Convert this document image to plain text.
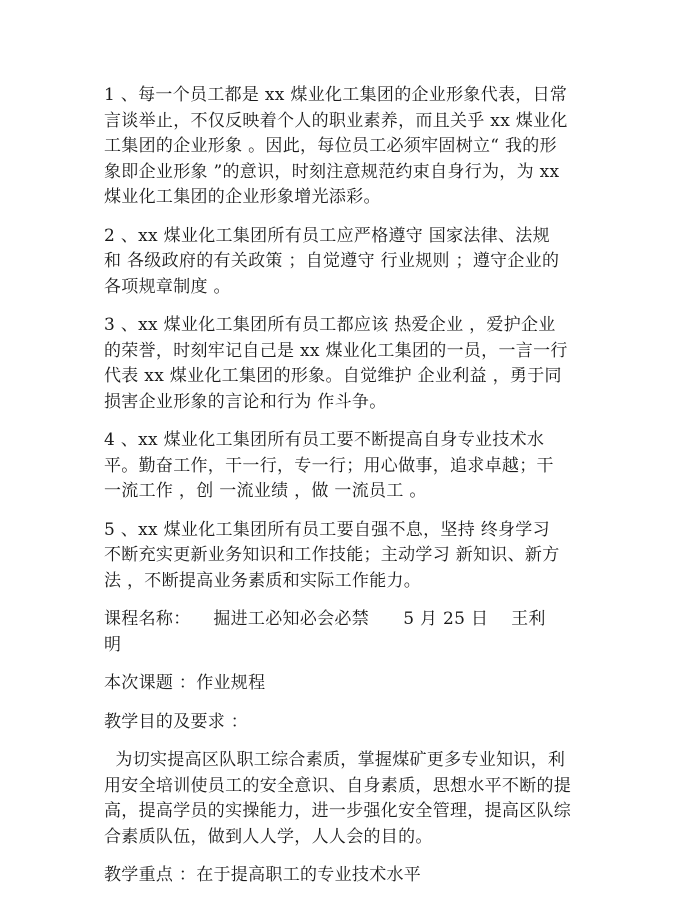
1 、每一个员工都是 xx 煤业化工集团的企业形象代表，日常
言谈举止，不仅反映着个人的职业素养，而且关乎 xx 煤业化
工集团的企业形象 。因此，每位员工必须牢固树立“ 我的形
象即企业形象 ”的意识，时刻注意规范约束自身行为，为 xx
煤业化工集团的企业形象增光添彩。

2 、xx 煤业化工集团所有员工应严格遵守 国家法律、法规
和 各级政府的有关政策 ；自觉遵守 行业规则 ；遵守企业的
各项规章制度 。

3 、xx 煤业化工集团所有员工都应该 热爱企业 ，爱护企业
的荣誉，时刻牢记自己是 xx 煤业化工集团的一员，一言一行
代表 xx 煤业化工集团的形象。自觉维护 企业利益 ，勇于同
损害企业形象的言论和行为 作斗争。

4 、xx 煤业化工集团所有员工要不断提高自身专业技术水
平。勤奋工作，干一行，专一行；用心做事，追求卓越；干
一流工作 ，创 一流业绩 ，做 一流员工 。

5 、xx 煤业化工集团所有员工要自强不息，坚持 终身学习
不断充实更新业务知识和工作技能；主动学习 新知识、新方
法 ，不断提高业务素质和实际工作能力。

课程名称：    掘进工必知必会必禁      5 月 25 日    王利
明

本次课题 ：作业规程

教学目的及要求 ：

为切实提高区队职工综合素质，掌握煤矿更多专业知识，利
用安全培训使员工的安全意识、自身素质，思想水平不断的提
高，提高学员的实操能力，进一步强化安全管理，提高区队综
合素质队伍，做到人人学，人人会的目的。

教学重点 ：在于提高职工的专业技术水平
